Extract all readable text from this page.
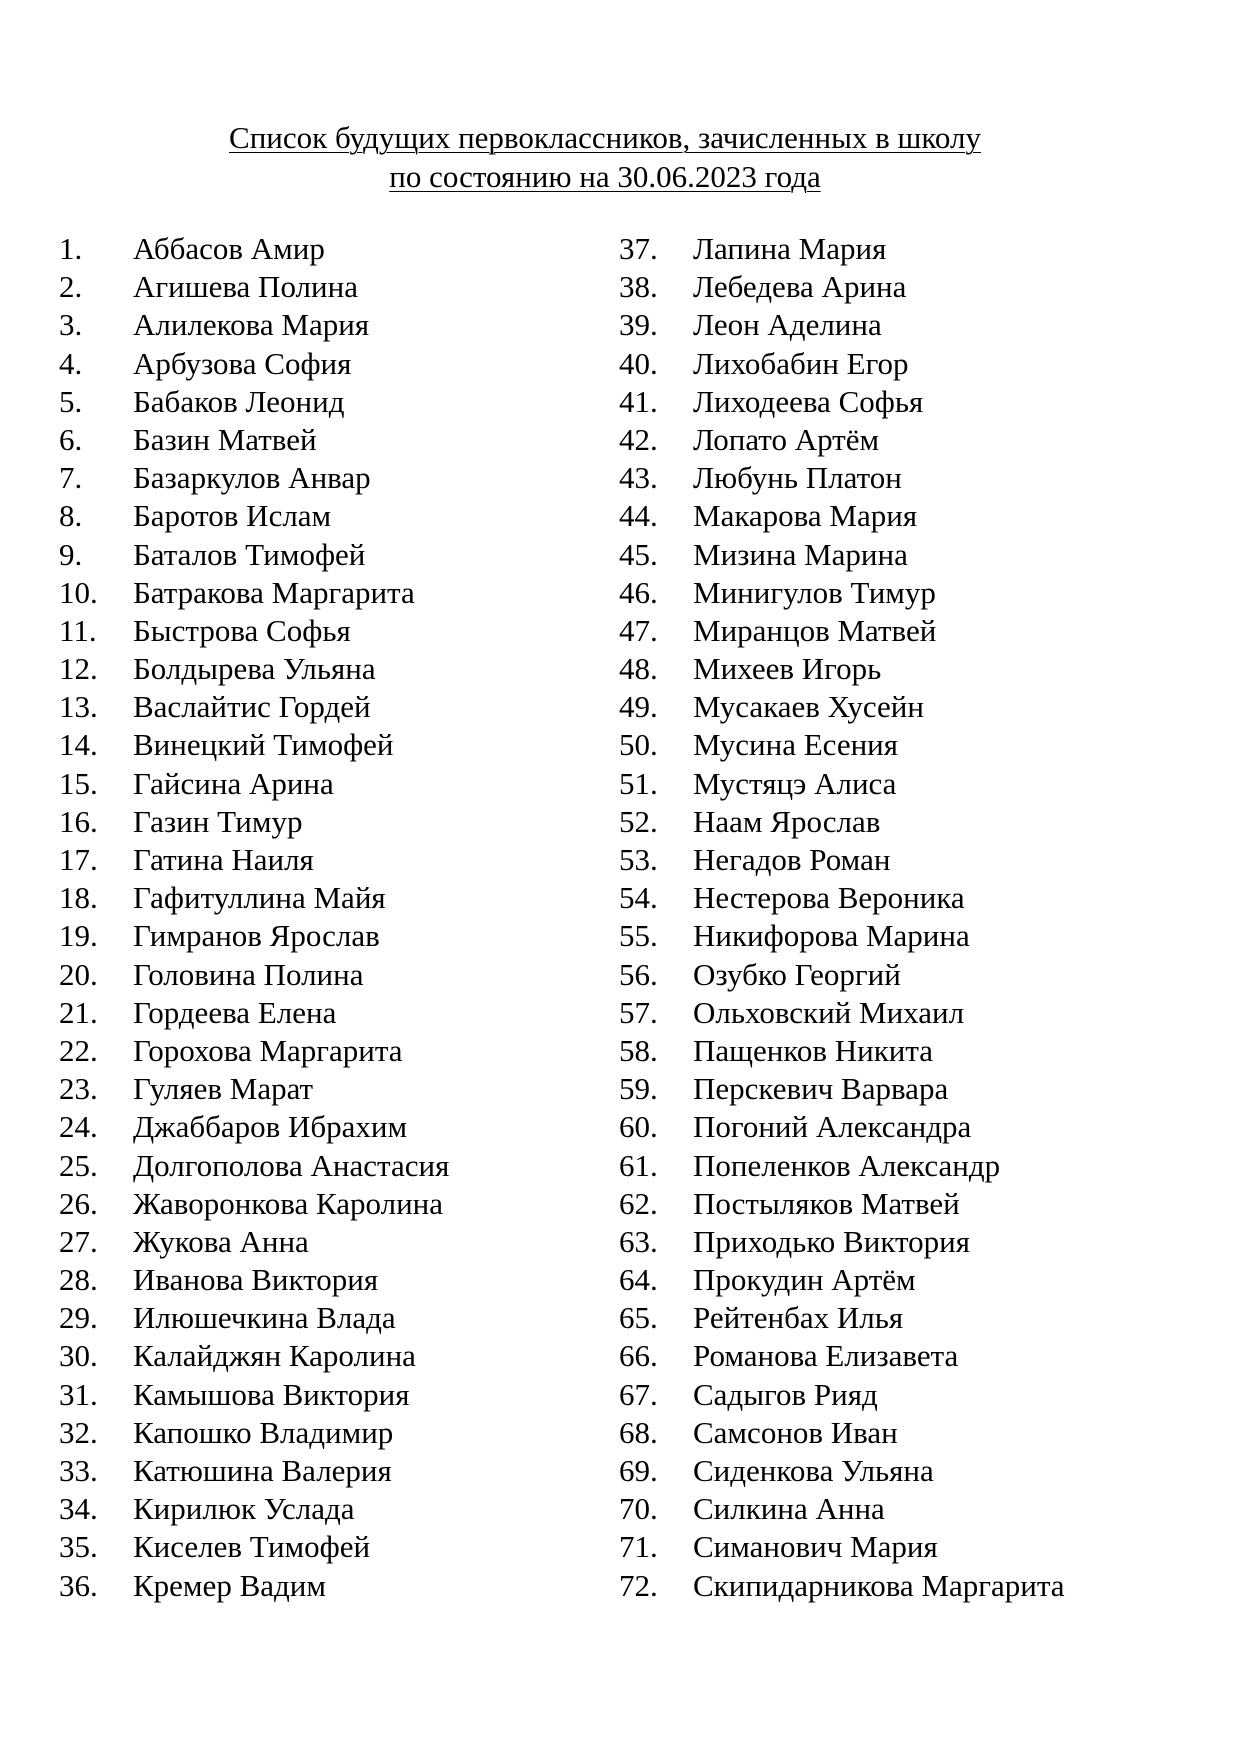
Список будущих первоклассников, зачисленных в школу
по состоянию на 30.06.2023 года
1. Аббасов Амир
2. Агишева Полина
3. Алилекова Мария
4. Арбузова София
5. Бабаков Леонид
6. Базин Матвей
7. Базаркулов Анвар
8. Баротов Ислам
9. Баталов Тимофей
10. Батракова Маргарита
11. Быстрова Софья
12. Болдырева Ульяна
13. Васлайтис Гордей
14. Винецкий Тимофей
15. Гайсина Арина
16. Газин Тимур
17. Гатина Наиля
18. Гафитуллина Майя
19. Гимранов Ярослав
20. Головина Полина
21. Гордеева Елена
22. Горохова Маргарита
23. Гуляев Марат
24. Джаббаров Ибрахим
25. Долгополова Анастасия
26. Жаворонкова Каролина
27. Жукова Анна
28. Иванова Виктория
29. Илюшечкина Влада
30. Калайджян Каролина
31. Камышова Виктория
32. Капошко Владимир
33. Катюшина Валерия
34. Кирилюк Услада
35. Киселев Тимофей
36. Кремер Вадим
37. Лапина Мария
38. Лебедева Арина
39. Леон Аделина
40. Лихобабин Егор
41. Лиходеева Софья
42. Лопато Артём
43. Любунь Платон
44. Макарова Мария
45. Мизина Марина
46. Минигулов Тимур
47. Миранцов Матвей
48. Михеев Игорь
49. Мусакаев Хусейн
50. Мусина Есения
51. Мустяцэ Алиса
52. Наам Ярослав
53. Негадов Роман
54. Нестерова Вероника
55. Никифорова Марина
56. Озубко Георгий
57. Ольховский Михаил
58. Пащенков Никита
59. Перскевич Варвара
60. Погоний Александра
61. Попеленков Александр
62. Постыляков Матвей
63. Приходько Виктория
64. Прокудин Артём
65. Рейтенбах Илья
66. Романова Елизавета
67. Садыгов Рияд
68. Самсонов Иван
69. Сиденкова Ульяна
70. Силкина Анна
71. Симанович Мария
72. Скипидарникова Маргарита
